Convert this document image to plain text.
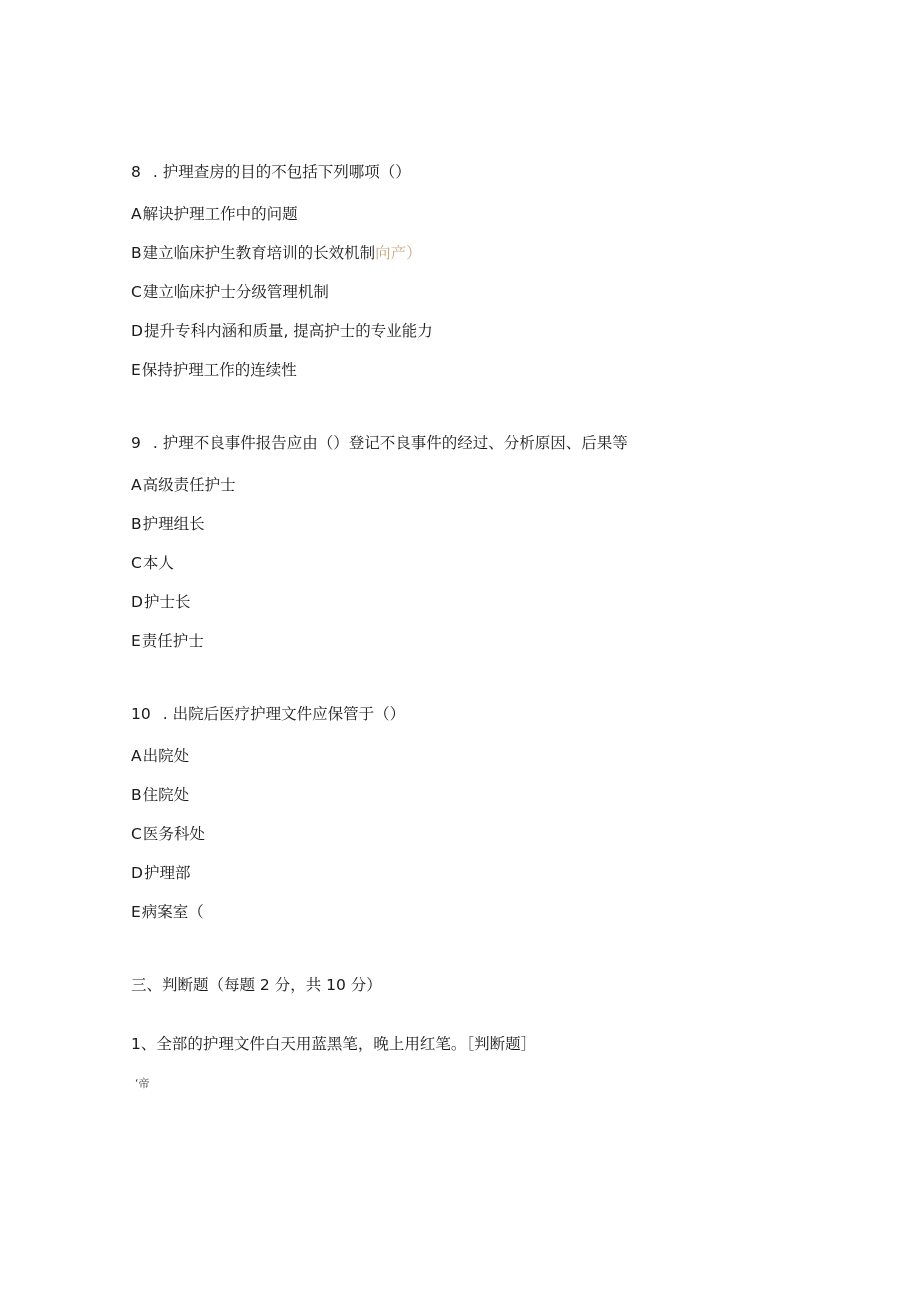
8 . 护理查房的目的不包括下列哪项（）
A解诀护理工作中的问题
B建立临床护生教育培训的长效机制向产）
C建立临床护士分级管理机制
D提升专科内涵和质量, 提高护士的专业能力
E保持护理工作的连续性
9 . 护理不良事件报告应由（）登记不良事件的经过、分析原因、后果等
A高级责任护士
B护理组长
C本人
D护士长
E责任护士
10 . 出院后医疗护理文件应保管于（）
A出院处
B住院处
C医务科处
D护理部
E病案室（
三、判断题（每题 2 分，共 10 分）
1、全部的护理文件白天用蓝黑笔，晚上用红笔。［判断题］
‘帝
